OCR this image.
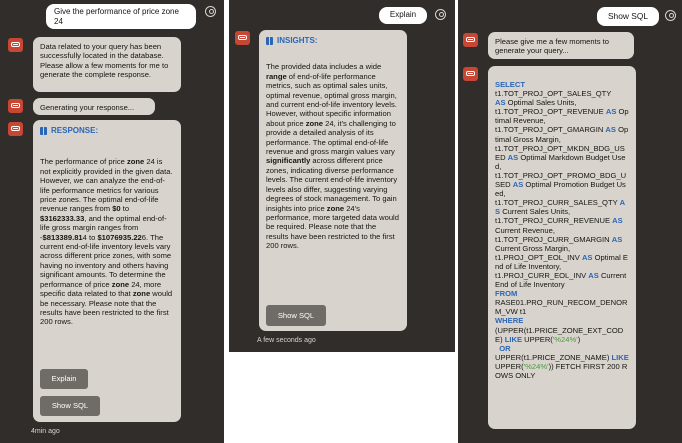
Give the performance of price zone 24
Data related to your query has been successfully located in the database. Please allow a few moments for me to generate the complete response.
Generating your response...
RESPONSE:

The performance of price zone 24 is not explicitly provided in the given data. However, we can analyze the end-of-life performance metrics for various price zones. The optimal end-of-life revenue ranges from $0 to $3162333.33, and the optimal end-of-life gross margin ranges from -$813389.814 to $1076935.226. The current end-of-life inventory levels vary across different price zones, with some having no inventory and others having significant amounts. To determine the performance of price zone 24, more specific data related to that zone would be necessary. Please note that the results have been restricted to the first 200 rows.

Explain
Show SQL
4min ago
Explain
INSIGHTS:

The provided data includes a wide range of end-of-life performance metrics, such as optimal sales units, optimal revenue, optimal gross margin, and current end-of-life inventory levels. However, without specific information about price zone 24, it's challenging to provide a detailed analysis of its performance. The optimal end-of-life revenue and gross margin values vary significantly across different price zones, indicating diverse performance levels. The current end-of-life inventory levels also differ, suggesting varying degrees of stock management. To gain insights into price zone 24's performance, more targeted data would be required. Please note that the results have been restricted to the first 200 rows.

Show SQL
A few seconds ago
Show SQL
Please give me a few moments to generate your query...
SELECT
t1.TOT_PROJ_OPT_SALES_QTY
AS Optimal Sales Units,
t1.TOT_PROJ_OPT_REVENUE AS Optimal Revenue,
t1.TOT_PROJ_OPT_GMARGIN AS Optimal Gross Margin,
t1.TOT_PROJ_OPT_MKDN_BDG_USED AS Optimal Markdown Budget Used,
t1.TOT_PROJ_OPT_PROMO_BDG_USED AS Optimal Promotion Budget Used,
t1.TOT_PROJ_CURR_SALES_QTY AS Current Sales Units,
t1.TOT_PROJ_CURR_REVENUE AS Current Revenue,
t1.TOT_PROJ_CURR_GMARGIN AS Current Gross Margin,
t1.PROJ_OPT_EOL_INV AS Optimal End of Life Inventory,
t1.PROJ_CURR_EOL_INV AS Current End of Life Inventory
FROM
RASE01.PRO_RUN_RECOM_DENORM_VW t1
WHERE
(UPPER(t1.PRICE_ZONE_EXT_CODE) LIKE UPPER('%24%')
OR
UPPER(t1.PRICE_ZONE_NAME) LIKE UPPER('%24%')) FETCH FIRST 200 ROWS ONLY
